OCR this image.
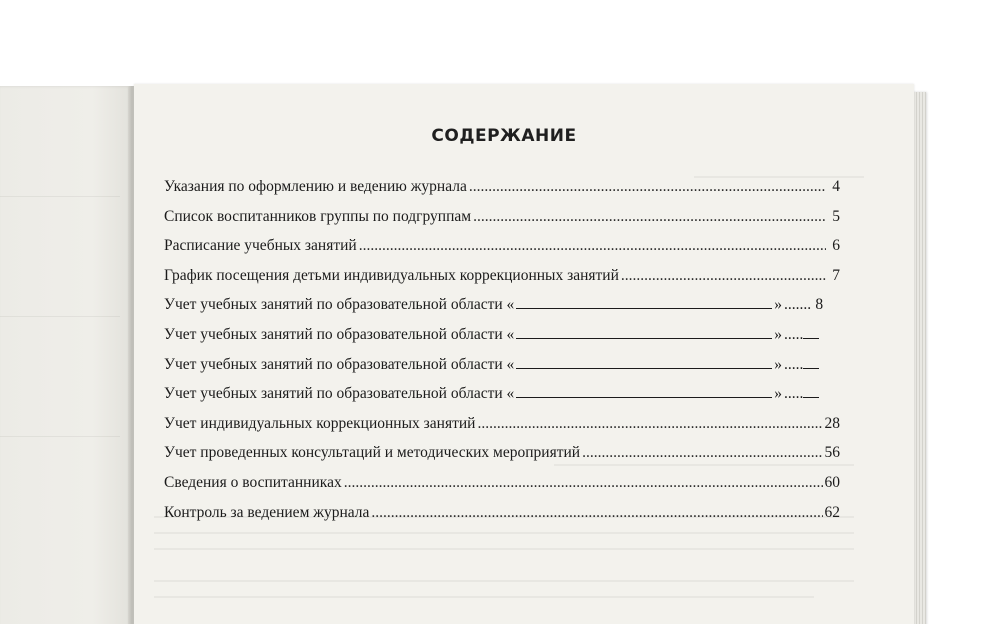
СОДЕРЖАНИЕ
Указания по оформлению и ведению журнала .....	4
Список воспитанников группы по подгруппам .....	5
Расписание учебных занятий .....	6
График посещения детьми индивидуальных коррекционных занятий .....	7
Учет учебных занятий по образовательной области «	» ....... 8
Учет учебных занятий по образовательной области «	» .....
Учет учебных занятий по образовательной области «	» .....
Учет учебных занятий по образовательной области «	» .....
Учет индивидуальных коррекционных занятий .....	28
Учет проведенных консультаций и методических мероприятий .....	56
Сведения о воспитанниках .....	60
Контроль за ведением журнала .....	62
